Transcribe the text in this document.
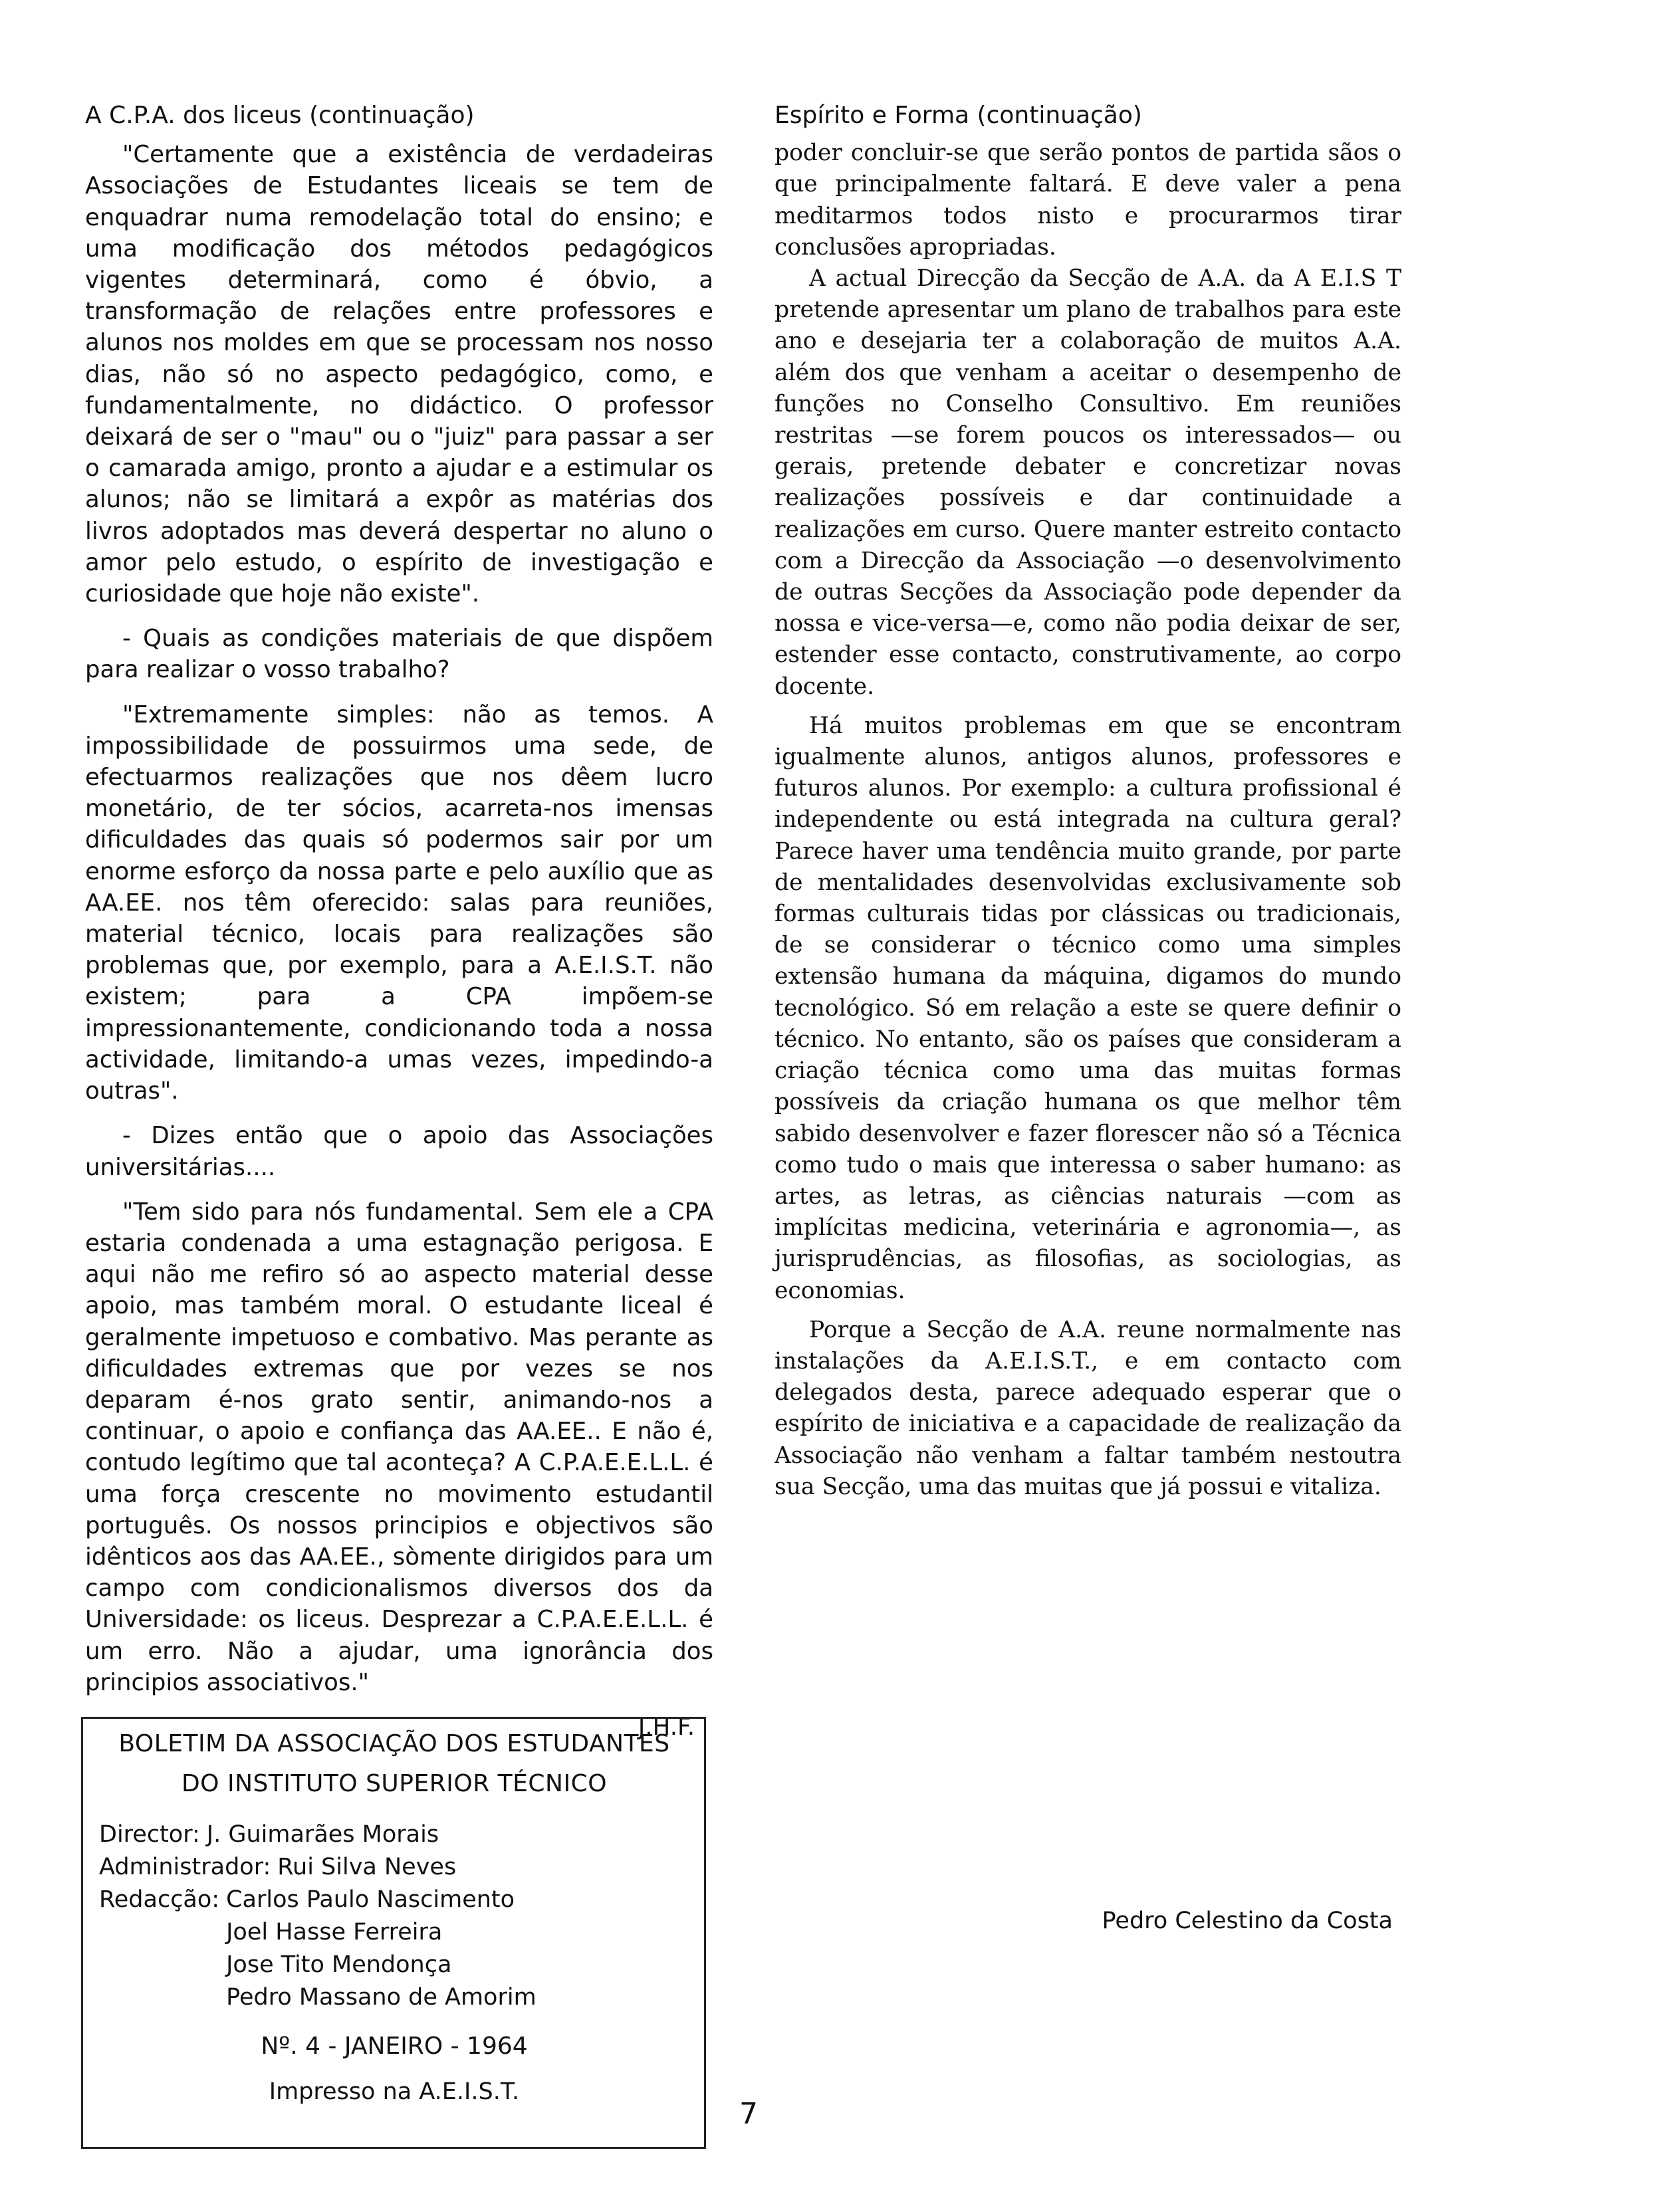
A C.P.A. dos liceus (continuação)

"Certamente que a existência de verdadeiras Associações de Estudantes liceais se tem de enquadrar numa remodelação total do ensino; e uma modificação dos métodos pedagógicos vigentes determinará, como é óbvio, a transformação de relações entre professores e alunos nos moldes em que se processam nos nosso dias, não só no aspecto pedagógico, como, e fundamentalmente, no didáctico. O professor deixará de ser o "mau" ou o "juiz" para passar a ser o camarada amigo, pronto a ajudar e a estimular os alunos; não se limitará a expôr as matérias dos livros adoptados mas deverá despertar no aluno o amor pelo estudo, o espírito de investigação e curiosidade que hoje não existe".

- Quais as condições materiais de que dispõem para realizar o vosso trabalho?

"Extremamente simples: não as temos. A impossibilidade de possuirmos uma sede, de efectuarmos realizações que nos dêem lucro monetário, de ter sócios, acarreta-nos imensas dificuldades das quais só podermos sair por um enorme esforço da nossa parte e pelo auxílio que as AA.EE. nos têm oferecido: salas para reuniões, material técnico, locais para realizações são problemas que, por exemplo, para a A.E.I.S.T. não existem; para a CPA impõem-se impressionantemente, condicionando toda a nossa actividade, limitando-a umas vezes, impedindo-a outras".

- Dizes então que o apoio das Associações universitárias....

"Tem sido para nós fundamental. Sem ele a CPA estaria condenada a uma estagnação perigosa. E aqui não me refiro só ao aspecto material desse apoio, mas também moral. O estudante liceal é geralmente impetuoso e combativo. Mas perante as dificuldades extremas que por vezes se nos deparam é-nos grato sentir, animando-nos a continuar, o apoio e confiança das AA.EE.. E não é, contudo legítimo que tal aconteça? A C.P.A.E.E.L.L. é uma força crescente no movimento estudantil português. Os nossos principios e objectivos são idênticos aos das AA.EE., sòmente dirigidos para um campo com condicionalismos diversos dos da Universidade: os liceus. Desprezar a C.P.A.E.E.L.L. é um erro. Não a ajudar, uma ignorância dos principios associativos."

J.H.F.

Espírito e Forma (continuação)

poder concluir-se que serão pontos de partida sãos o que principalmente faltará. E deve valer a pena meditarmos todos nisto e procurarmos tirar conclusões apropriadas.

A actual Direcção da Secção de A.A. da A E.I.S T pretende apresentar um plano de trabalhos para este ano e desejaria ter a colaboração de muitos A.A. além dos que venham a aceitar o desempenho de funções no Conselho Consultivo. Em reuniões restritas —se forem poucos os interessados— ou gerais, pretende debater e concretizar novas realizações possíveis e dar continuidade a realizações em curso. Quere manter estreito contacto com a Direcção da Associação —o desenvolvimento de outras Secções da Associação pode depender da nossa e vice-versa—e, como não podia deixar de ser, estender esse contacto, construtivamente, ao corpo docente.

Há muitos problemas em que se encontram igualmente alunos, antigos alunos, professores e futuros alunos. Por exemplo: a cultura profissional é independente ou está integrada na cultura geral? Parece haver uma tendência muito grande, por parte de mentalidades desenvolvidas exclusivamente sob formas culturais tidas por clássicas ou tradicionais, de se considerar o técnico como uma simples extensão humana da máquina, digamos do mundo tecnológico. Só em relação a este se quere definir o técnico. No entanto, são os países que consideram a criação técnica como uma das muitas formas possíveis da criação humana os que melhor têm sabido desenvolver e fazer florescer não só a Técnica como tudo o mais que interessa o saber humano: as artes, as letras, as ciências naturais —com as implícitas medicina, veterinária e agronomia—, as jurisprudências, as filosofias, as sociologias, as economias.

Porque a Secção de A.A. reune normalmente nas instalações da A.E.I.S.T., e em contacto com delegados desta, parece adequado esperar que o espírito de iniciativa e a capacidade de realização da Associação não venham a faltar também nestoutra sua Secção, uma das muitas que já possui e vitaliza.

Pedro Celestino da Costa
BOLETIM DA ASSOCIAÇÃO DOS ESTUDANTES
DO INSTITUTO SUPERIOR TÉCNICO
Director: J. Guimarães Morais
Administrador: Rui Silva Neves
Redacção: Carlos Paulo Nascimento
Joel Hasse Ferreira
Jose Tito Mendonça
Pedro Massano de Amorim
Nº. 4 - JANEIRO - 1964
Impresso na A.E.I.S.T.
7
